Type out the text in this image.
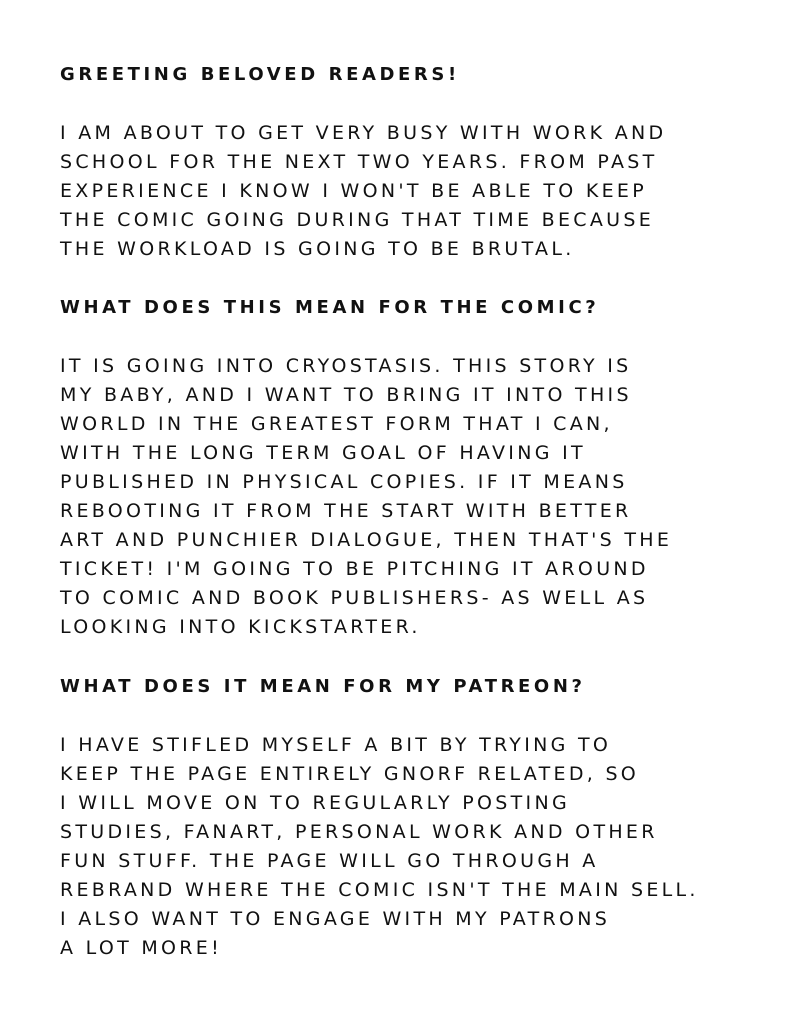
GREETING BELOVED READERS!

I AM ABOUT TO GET VERY BUSY WITH WORK AND

SCHOOL FOR THE NEXT TWO YEARS. FROM PAST

EXPERIENCE I KNOW I WON'T BE ABLE TO KEEP

THE COMIC GOING DURING THAT TIME BECAUSE

THE WORKLOAD IS GOING TO BE BRUTAL.

WHAT DOES THIS MEAN FOR THE COMIC?

IT IS GOING INTO CRYOSTASIS. THIS STORY IS

MY BABY, AND I WANT TO BRING IT INTO THIS

WORLD IN THE GREATEST FORM THAT I CAN,

WITH THE LONG TERM GOAL OF HAVING IT

PUBLISHED IN PHYSICAL COPIES. IF IT MEANS

REBOOTING IT FROM THE START WITH BETTER

ART AND PUNCHIER DIALOGUE, THEN THAT'S THE

TICKET! I'M GOING TO BE PITCHING IT AROUND

TO COMIC AND BOOK PUBLISHERS- AS WELL AS

LOOKING INTO KICKSTARTER.

WHAT DOES IT MEAN FOR MY PATREON?

I HAVE STIFLED MYSELF A BIT BY TRYING TO

KEEP THE PAGE ENTIRELY GNORF RELATED, SO

I WILL MOVE ON TO REGULARLY POSTING

STUDIES, FANART, PERSONAL WORK AND OTHER

FUN STUFF. THE PAGE WILL GO THROUGH A

REBRAND WHERE THE COMIC ISN'T THE MAIN SELL.

I ALSO WANT TO ENGAGE WITH MY PATRONS

A LOT MORE!
